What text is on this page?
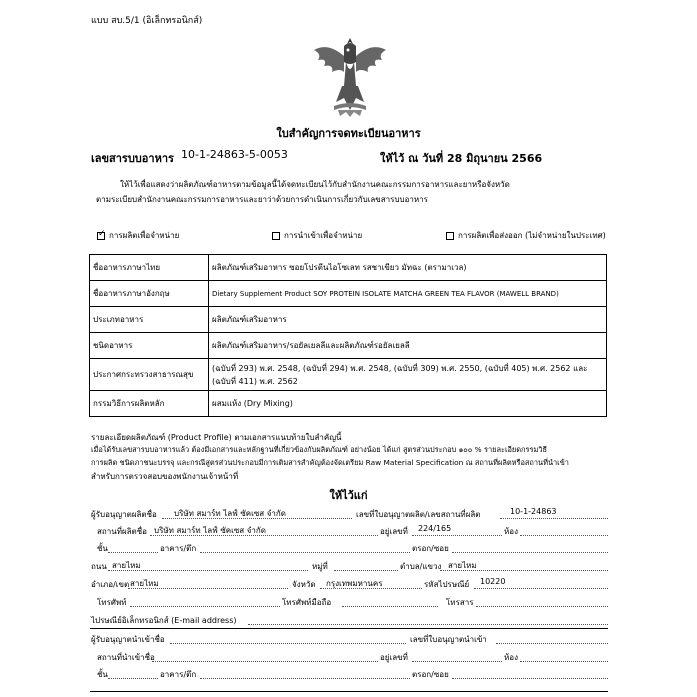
แบบ สบ.5/1 (อิเล็กทรอนิกส์)
ใบสำคัญการจดทะเบียนอาหาร
เลขสารบบอาหาร 10-1-24863-5-0053	ให้ไว้ ณ วันที่ 28 มิถุนายน 2566
ให้ไว้เพื่อแสดงว่าผลิตภัณฑ์อาหารตามข้อมูลนี้ได้จดทะเบียนไว้กับสำนักงานคณะกรรมการอาหารและยาหรือจังหวัด
ตามระเบียบสำนักงานคณะกรรมการอาหารและยาว่าด้วยการดำเนินการเกี่ยวกับเลขสารบบอาหาร
✓
การผลิตเพื่อจำหน่าย	การนำเข้าเพื่อจำหน่าย	การผลิตเพื่อส่งออก (ไม่จำหน่ายในประเทศ)
ชื่ออาหารภาษาไทย	ผลิตภัณฑ์เสริมอาหาร ซอยโปรตีนไอโซเลท รสชาเขียว มัทฉะ (ตรามาเวล)
ชื่ออาหารภาษาอังกฤษ	Dietary Supplement Product SOY PROTEIN ISOLATE MATCHA GREEN TEA FLAVOR (MAWELL BRAND)
ประเภทอาหาร	ผลิตภัณฑ์เสริมอาหาร
ชนิดอาหาร	ผลิตภัณฑ์เสริมอาหาร/รอยัลเยลลีและผลิตภัณฑ์รอยัลเยลลี
ประกาศกระทรวงสาธารณสุข	(ฉบับที่ 293) พ.ศ. 2548, (ฉบับที่ 294) พ.ศ. 2548, (ฉบับที่ 309) พ.ศ. 2550, (ฉบับที่ 405) พ.ศ. 2562 และ (ฉบับที่ 411) พ.ศ. 2562
กรรมวิธีการผลิตหลัก	ผสมแห้ง (Dry Mixing)
รายละเอียดผลิตภัณฑ์ (Product Profile) ตามเอกสารแนบท้ายใบสำคัญนี้
เมื่อได้รับเลขสารบบอาหารแล้ว ต้องมีเอกสารและหลักฐานที่เกี่ยวข้องกับผลิตภัณฑ์ อย่างน้อย ได้แก่ สูตรส่วนประกอบ ๑๐๐ % รายละเอียดกรรมวิธี
การผลิต ชนิดภาชนะบรรจุ และกรณีสูตรส่วนประกอบมีการเติมสารสำคัญต้องจัดเตรียม Raw Material Specification ณ สถานที่ผลิตหรือสถานที่นำเข้า
สำหรับการตรวจสอบของพนักงานเจ้าหน้าที่
ให้ไว้แก่
ผู้รับอนุญาตผลิตชื่อ บริษัท สมาร์ท ไลฟ์ ซัคเซส จำกัด	เลขที่ใบอนุญาตผลิต/เลขสถานที่ผลิต	10-1-24863
สถานที่ผลิตชื่อ บริษัท สมาร์ท ไลฟ์ ซัคเซส จำกัด	อยู่เลขที่ 224/165	ห้อง
ชั้น	อาคาร/ตึก	ตรอก/ซอย
ถนน สายไหม	หมู่ที่	ตำบล/แขวง สายไหม
อำเภอ/เขต สายไหม	จังหวัด กรุงเทพมหานคร	รหัสไปรษณีย์ 10220
โทรศัพท์	โทรศัพท์มือถือ	โทรสาร
ไปรษณีย์อิเล็กทรอนิกส์ (E-mail address)
ผู้รับอนุญาตนำเข้าชื่อ	เลขที่ใบอนุญาตนำเข้า
สถานที่นำเข้าชื่อ	อยู่เลขที่	ห้อง
ชั้น	อาคาร/ตึก	ตรอก/ซอย
